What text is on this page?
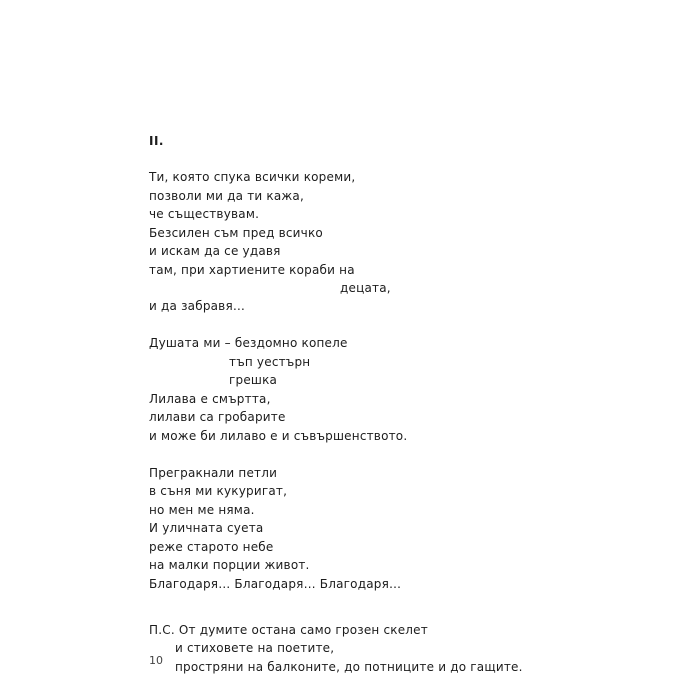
II.
Ти, която спука всички кореми,
позволи ми да ти кажа,
че съществувам.
Безсилен съм пред всичко
и искам да се удавя
там, при хартиените кораби на
децата,
и да забравя…
Душата ми – бездомно копеле
тъп уестърн
грешка
Лилава е смъртта,
лилави са гробарите
и може би лилаво е и съвършенството.
Прегракнали петли
в съня ми кукуригат,
но мен ме няма.
И уличната суета
реже старото небе
на малки порции живот.
Благодаря… Благодаря… Благодаря…
П.С. От думите остана само грозен скелет
и стиховете на поетите,
простряни на балконите, до потниците и до гащите.
10
